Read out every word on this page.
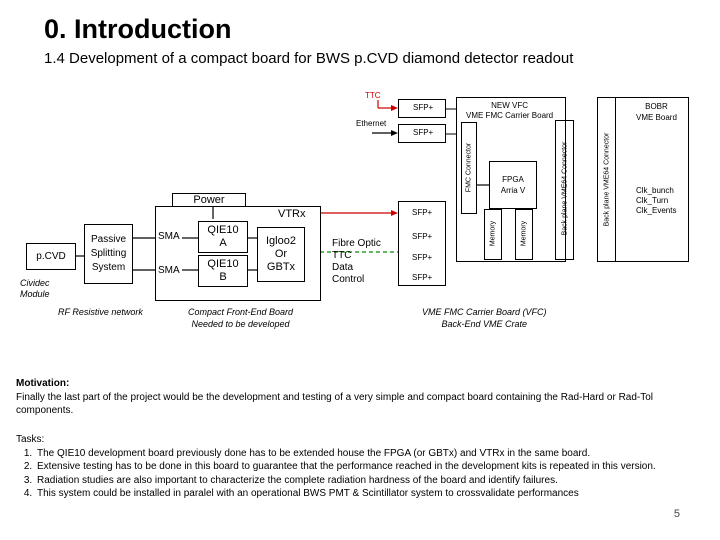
0. Introduction
1.4 Development of a compact board for BWS p.CVD diamond detector readout
p.CVD
Cividec
Module
Passive
Splitting
System
RF Resistive network
SMA
SMA
Power
VTRx
QIE10
A
QIE10
B
Igloo2
Or
GBTx
Compact Front-End Board
Needed to be developed
Fibre Optic
TTC
Data
Control
TTC
Ethernet
SFP+
SFP+
SFP+
SFP+
SFP+
SFP+
NEW VFC
VME FMC Carrier Board
FMC Connector	FPGA
Arria V
Memory	Memory	Back plane VME64 Connector	Back plane VME64 Connector
BOBR
VME Board
Clk_bunch
Clk_Turn
Clk_Events
VME FMC Carrier Board (VFC)
Back-End VME Crate
Motivation:
Finally the last part of the project would be the development and testing of a very simple and compact board containing the Rad-Hard or Rad-Tol components.
Tasks:
1. The QIE10 development board previously done has to be extended house the FPGA (or GBTx) and VTRx in the same board.
2. Extensive testing has to be done in this board to guarantee that the performance reached in the development kits is repeated in this version.
3. Radiation studies are also important to characterize the complete radiation hardness of the board and identify failures.
4. This system could be installed in paralel with an operational BWS PMT & Scintillator system to crossvalidate performances
5
